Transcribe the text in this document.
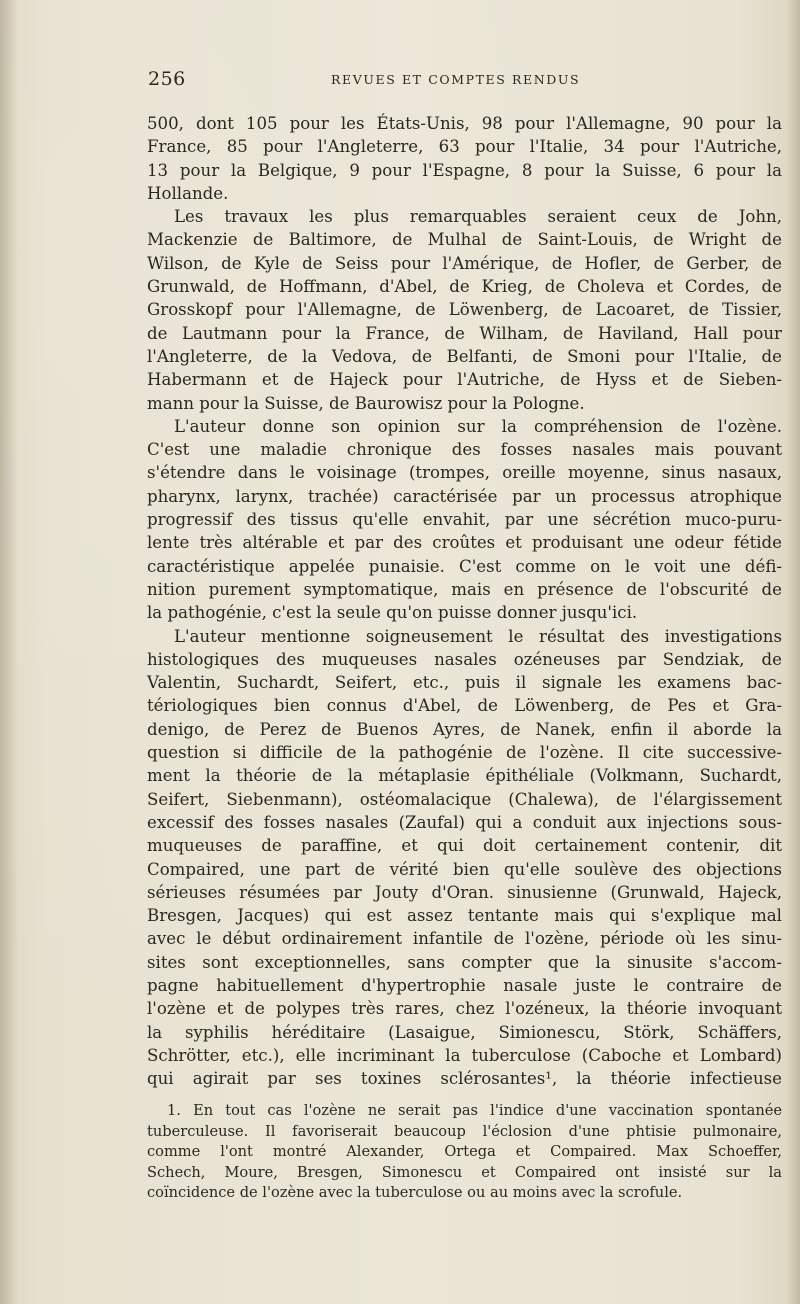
256	REVUES ET COMPTES RENDUS
500, dont 105 pour les États-Unis, 98 pour l'Allemagne, 90 pour la
France, 85 pour l'Angleterre, 63 pour l'Italie, 34 pour l'Autriche,
13 pour la Belgique, 9 pour l'Espagne, 8 pour la Suisse, 6 pour la
Hollande.
Les travaux les plus remarquables seraient ceux de John,
Mackenzie de Baltimore, de Mulhal de Saint-Louis, de Wright de
Wilson, de Kyle de Seiss pour l'Amérique, de Hofler, de Gerber, de
Grunwald, de Hoffmann, d'Abel, de Krieg, de Choleva et Cordes, de
Grosskopf pour l'Allemagne, de Löwenberg, de Lacoaret, de Tissier,
de Lautmann pour la France, de Wilham, de Haviland, Hall pour
l'Angleterre, de la Vedova, de Belfanti, de Smoni pour l'Italie, de
Habermann et de Hajeck pour l'Autriche, de Hyss et de Sieben-
mann pour la Suisse, de Baurowisz pour la Pologne.
L'auteur donne son opinion sur la compréhension de l'ozène.
C'est une maladie chronique des fosses nasales mais pouvant
s'étendre dans le voisinage (trompes, oreille moyenne, sinus nasaux,
pharynx, larynx, trachée) caractérisée par un processus atrophique
progressif des tissus qu'elle envahit, par une sécrétion muco-puru-
lente très altérable et par des croûtes et produisant une odeur fétide
caractéristique appelée punaisie. C'est comme on le voit une défi-
nition purement symptomatique, mais en présence de l'obscurité de
la pathogénie, c'est la seule qu'on puisse donner jusqu'ici.
L'auteur mentionne soigneusement le résultat des investigations
histologiques des muqueuses nasales ozéneuses par Sendziak, de
Valentin, Suchardt, Seifert, etc., puis il signale les examens bac-
tériologiques bien connus d'Abel, de Löwenberg, de Pes et Gra-
denigo, de Perez de Buenos Ayres, de Nanek, enfin il aborde la
question si difficile de la pathogénie de l'ozène. Il cite successive-
ment la théorie de la métaplasie épithéliale (Volkmann, Suchardt,
Seifert, Siebenmann), ostéomalacique (Chalewa), de l'élargissement
excessif des fosses nasales (Zaufal) qui a conduit aux injections sous-
muqueuses de paraffine, et qui doit certainement contenir, dit
Compaired, une part de vérité bien qu'elle soulève des objections
sérieuses résumées par Jouty d'Oran. sinusienne (Grunwald, Hajeck,
Bresgen, Jacques) qui est assez tentante mais qui s'explique mal
avec le début ordinairement infantile de l'ozène, période où les sinu-
sites sont exceptionnelles, sans compter que la sinusite s'accom-
pagne habituellement d'hypertrophie nasale juste le contraire de
l'ozène et de polypes très rares, chez l'ozéneux, la théorie invoquant
la syphilis héréditaire (Lasaigue, Simionescu, Störk, Schäffers,
Schrötter, etc.), elle incriminant la tuberculose (Caboche et Lombard)
qui agirait par ses toxines sclérosantes¹, la théorie infectieuse
1. En tout cas l'ozène ne serait pas l'indice d'une vaccination spontanée
tuberculeuse. Il favoriserait beaucoup l'éclosion d'une phtisie pulmonaire,
comme l'ont montré Alexander, Ortega et Compaired. Max Schoeffer,
Schech, Moure, Bresgen, Simonescu et Compaired ont insisté sur la
coïncidence de l'ozène avec la tuberculose ou au moins avec la scrofule.
